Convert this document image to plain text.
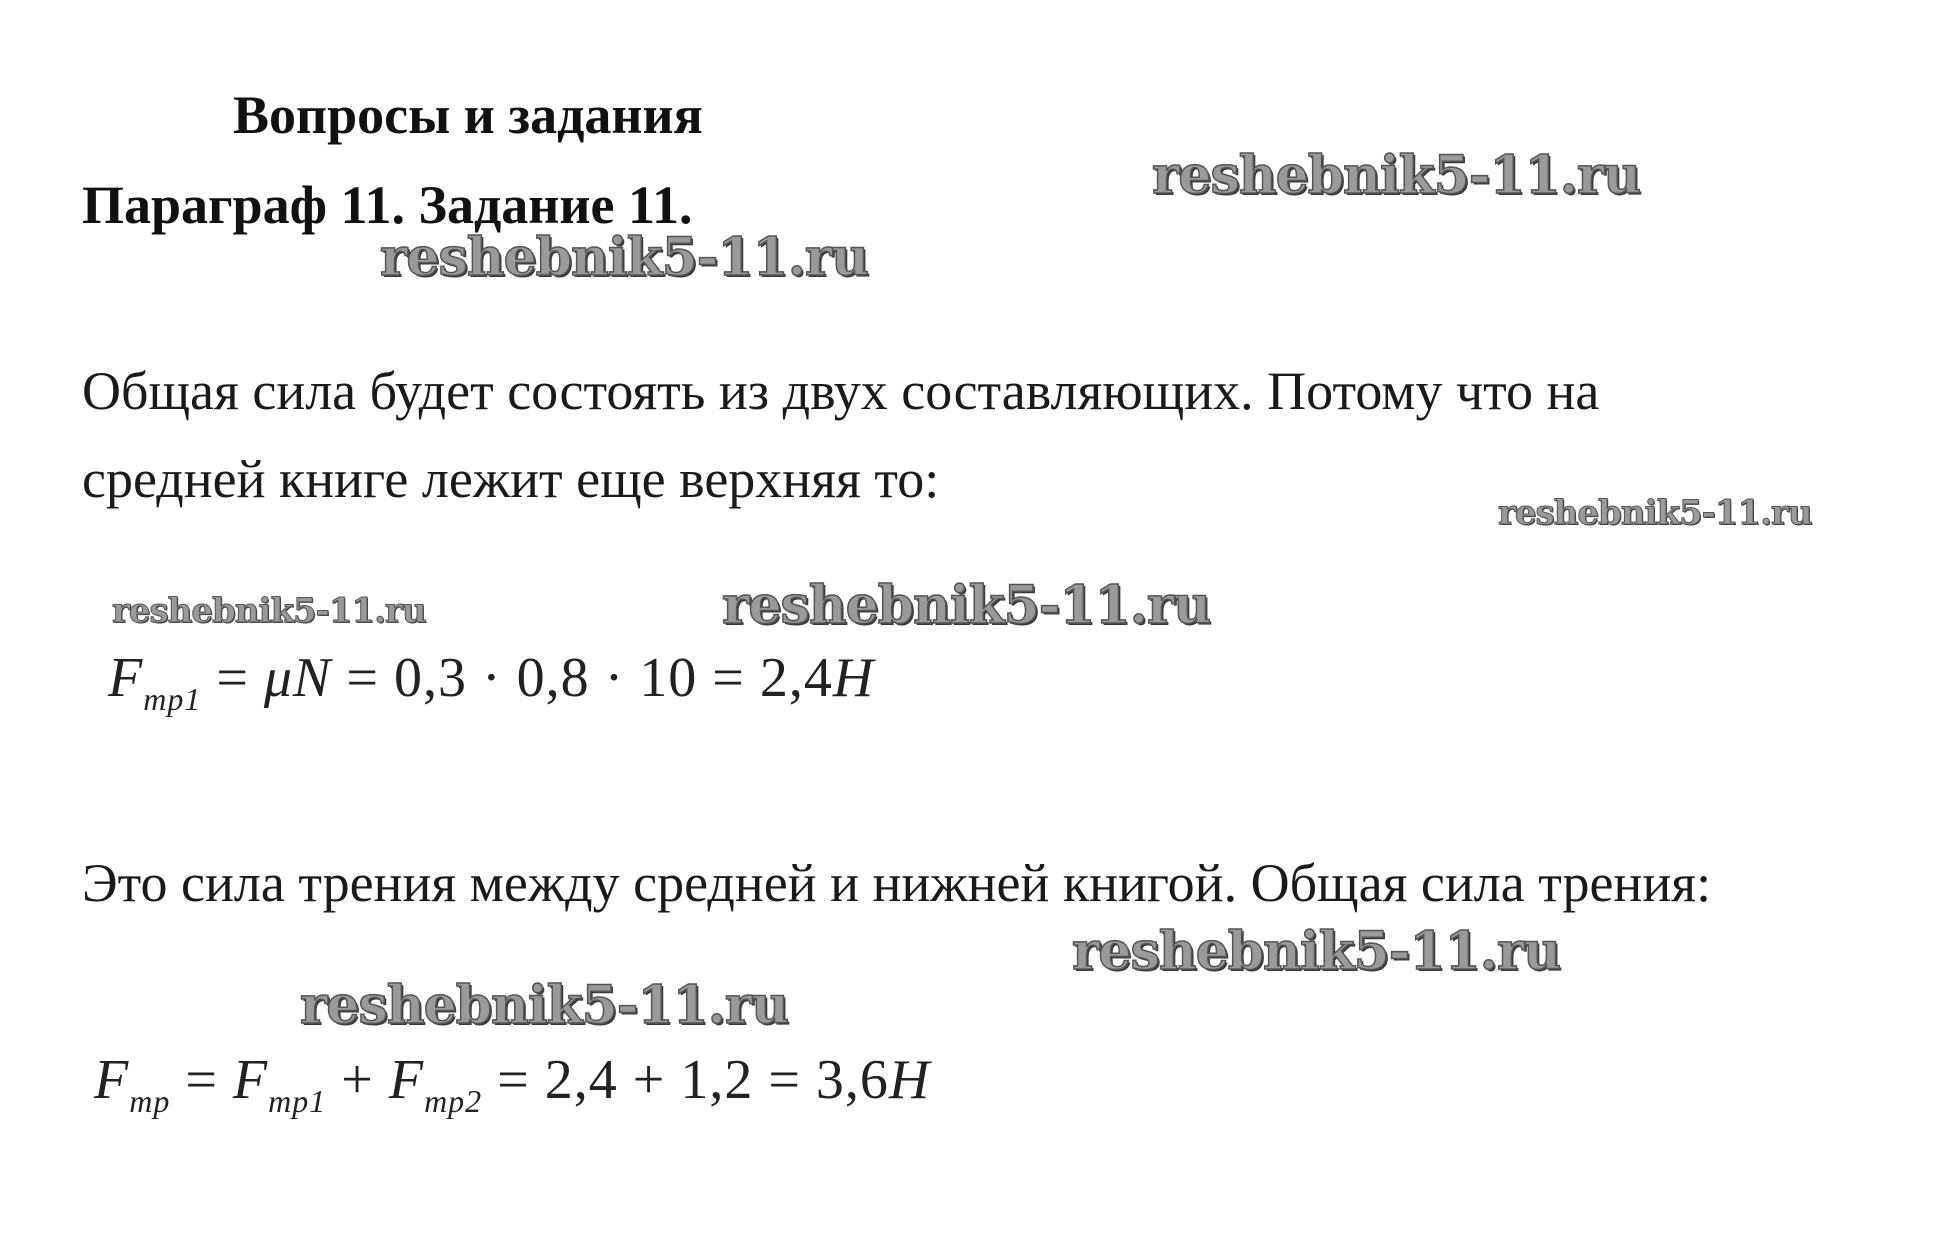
Вопросы и задания
Параграф 11. Задание 11.	reshebnik5-11.ru
reshebnik5-11.ru
Общая сила будет состоять из двух составляющих. Потому что на
средней книге лежит еще верхняя то:
reshebnik5-11.ru
reshebnik5-11.ru	reshebnik5-11.ru
$F_{тр1} = \mu N = 0,3 \cdot 0,8 \cdot 10 = 2,4H$
Это сила трения между средней и нижней книгой. Общая сила трения:
reshebnik5-11.ru
reshebnik5-11.ru
$F_{тр} = F_{тр1} + F_{тр2} = 2,4 + 1,2 = 3,6H$
